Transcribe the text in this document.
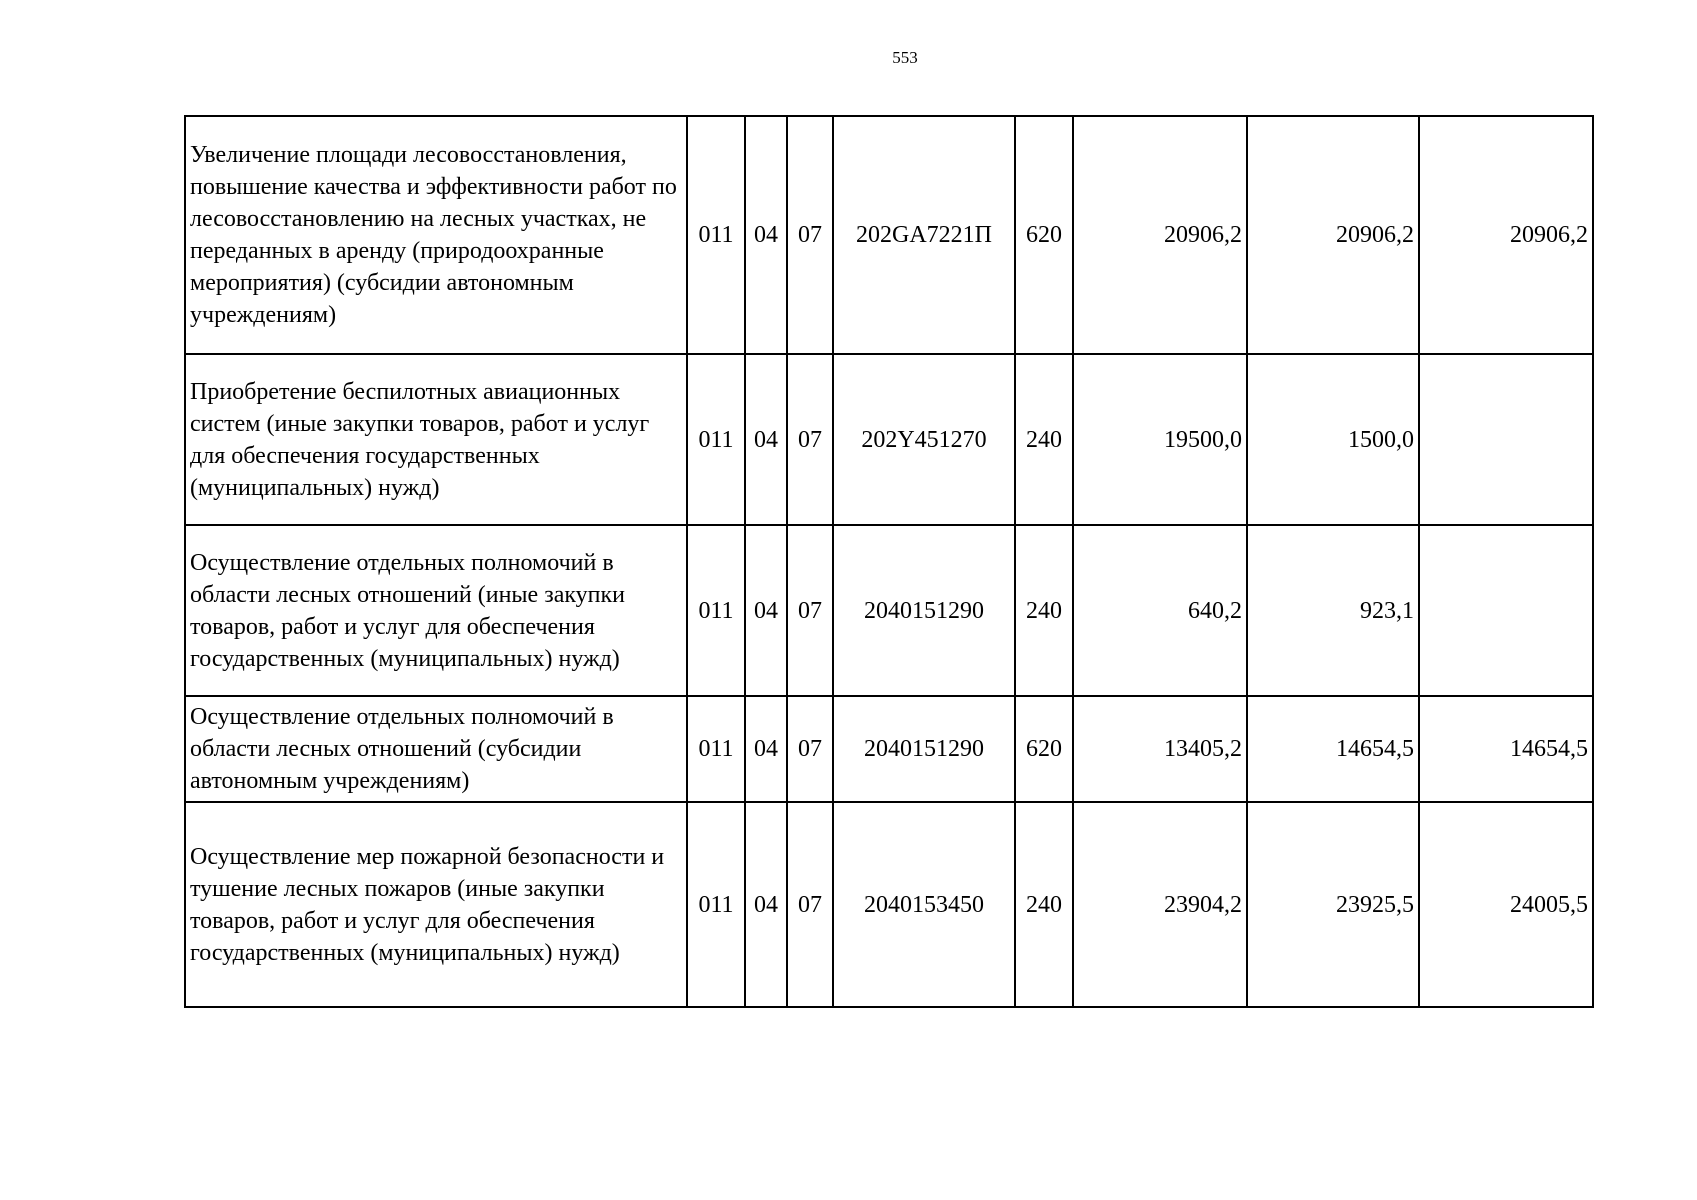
553
Увеличение площади лесовосстановления, повышение качества и эффективности работ по лесовосстановлению на лесных участках, не переданных в аренду (природоохранные мероприятия) (субсидии автономным учреждениям)	011	04	07	202GA7221П	620	20906,2	20906,2	20906,2
Приобретение беспилотных авиационных систем (иные закупки товаров, работ и услуг для обеспечения государственных (муниципальных) нужд)	011	04	07	202Y451270	240	19500,0	1500,0	
Осуществление отдельных полномочий в области лесных отношений (иные закупки товаров, работ и услуг для обеспечения государственных (муниципальных) нужд)	011	04	07	2040151290	240	640,2	923,1	
Осуществление отдельных полномочий в области лесных отношений (субсидии автономным учреждениям)	011	04	07	2040151290	620	13405,2	14654,5	14654,5
Осуществление мер пожарной безопасности и тушение лесных пожаров (иные закупки товаров, работ и услуг для обеспечения государственных (муниципальных) нужд)	011	04	07	2040153450	240	23904,2	23925,5	24005,5
